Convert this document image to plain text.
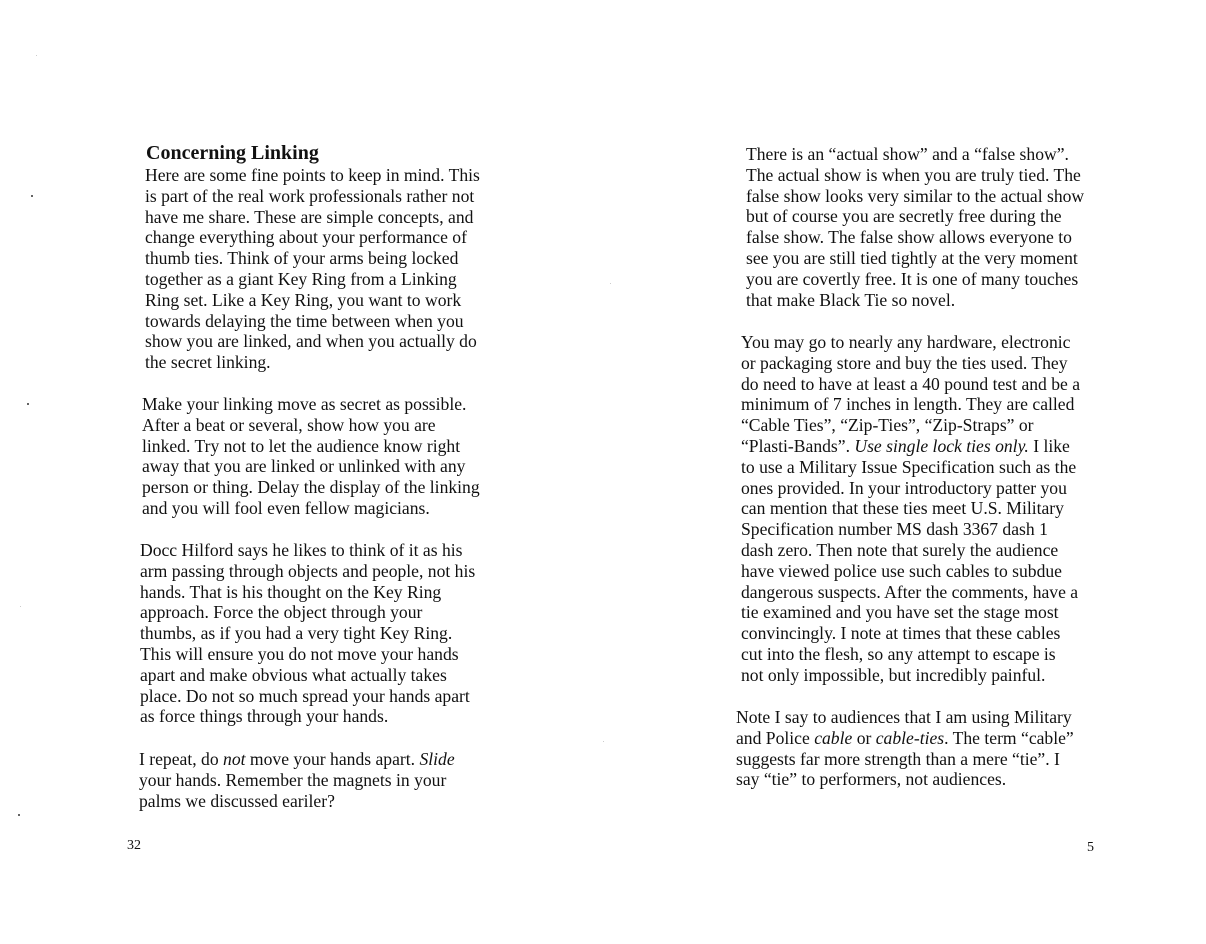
Concerning Linking

Here are some fine points to keep in mind. This
is part of the real work professionals rather not
have me share. These are simple concepts, and
change everything about your performance of
thumb ties. Think of your arms being locked
together as a giant Key Ring from a Linking
Ring set. Like a Key Ring, you want to work
towards delaying the time between when you
show you are linked, and when you actually do
the secret linking.

Make your linking move as secret as possible.
After a beat or several, show how you are
linked. Try not to let the audience know right
away that you are linked or unlinked with any
person or thing. Delay the display of the linking
and you will fool even fellow magicians.

Docc Hilford says he likes to think of it as his
arm passing through objects and people, not his
hands. That is his thought on the Key Ring
approach. Force the object through your
thumbs, as if you had a very tight Key Ring.
This will ensure you do not move your hands
apart and make obvious what actually takes
place. Do not so much spread your hands apart
as force things through your hands.

I repeat, do not move your hands apart. Slide
your hands. Remember the magnets in your
palms we discussed eariler?

32

There is an “actual show” and a “false show”.
The actual show is when you are truly tied. The
false show looks very similar to the actual show
but of course you are secretly free during the
false show. The false show allows everyone to
see you are still tied tightly at the very moment
you are covertly free. It is one of many touches
that make Black Tie so novel.

You may go to nearly any hardware, electronic
or packaging store and buy the ties used. They
do need to have at least a 40 pound test and be a
minimum of 7 inches in length. They are called
“Cable Ties”, “Zip-Ties”, “Zip-Straps” or
“Plasti-Bands”. Use single lock ties only. I like
to use a Military Issue Specification such as the
ones provided. In your introductory patter you
can mention that these ties meet U.S. Military
Specification number MS dash 3367 dash 1
dash zero. Then note that surely the audience
have viewed police use such cables to subdue
dangerous suspects. After the comments, have a
tie examined and you have set the stage most
convincingly. I note at times that these cables
cut into the flesh, so any attempt to escape is
not only impossible, but incredibly painful.

Note I say to audiences that I am using Military
and Police cable or cable-ties. The term “cable”
suggests far more strength than a mere “tie”. I
say “tie” to performers, not audiences.

5
